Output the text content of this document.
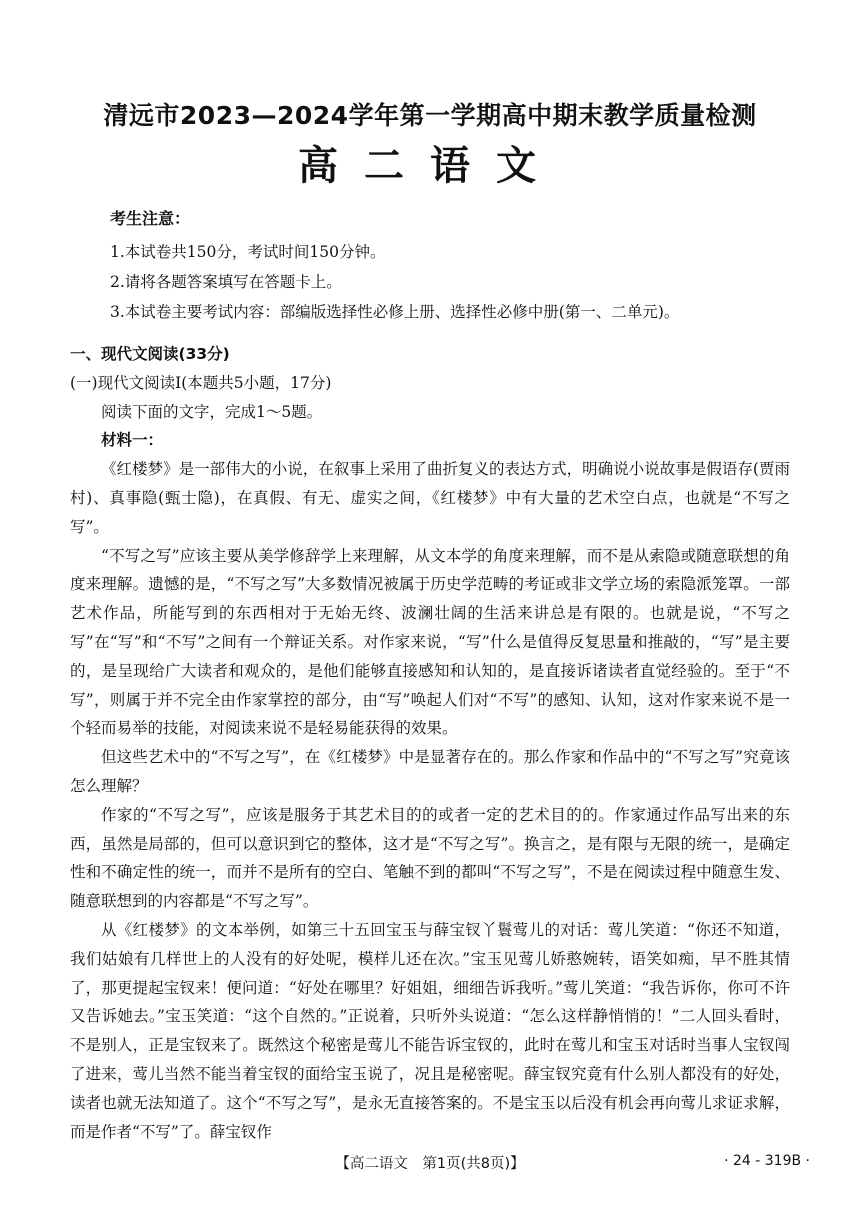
清远市2023—2024学年第一学期高中期末教学质量检测
高二语文
考生注意：
1.本试卷共150分，考试时间150分钟。
2.请将各题答案填写在答题卡上。
3.本试卷主要考试内容：部编版选择性必修上册、选择性必修中册(第一、二单元)。
一、现代文阅读(33分)
(一)现代文阅读Ⅰ(本题共5小题，17分)
阅读下面的文字，完成1～5题。
材料一：

《红楼梦》是一部伟大的小说，在叙事上采用了曲折复义的表达方式，明确说小说故事是假语存(贾雨村)、真事隐(甄士隐)，在真假、有无、虚实之间，《红楼梦》中有大量的艺术空白点，也就是“不写之写”。

“不写之写”应该主要从美学修辞学上来理解，从文本学的角度来理解，而不是从索隐或随意联想的角度来理解。遗憾的是，“不写之写”大多数情况被属于历史学范畴的考证或非文学立场的索隐派笼罩。一部艺术作品，所能写到的东西相对于无始无终、波澜壮阔的生活来讲总是有限的。也就是说，“不写之写”在“写”和“不写”之间有一个辩证关系。对作家来说，“写”什么是值得反复思量和推敲的，“写”是主要的，是呈现给广大读者和观众的，是他们能够直接感知和认知的，是直接诉诸读者直觉经验的。至于“不写”，则属于并不完全由作家掌控的部分，由“写”唤起人们对“不写”的感知、认知，这对作家来说不是一个轻而易举的技能，对阅读来说不是轻易能获得的效果。

但这些艺术中的“不写之写”，在《红楼梦》中是显著存在的。那么作家和作品中的“不写之写”究竟该怎么理解？

作家的“不写之写”，应该是服务于其艺术目的的或者一定的艺术目的的。作家通过作品写出来的东西，虽然是局部的，但可以意识到它的整体，这才是“不写之写”。换言之，是有限与无限的统一，是确定性和不确定性的统一，而并不是所有的空白、笔触不到的都叫“不写之写”，不是在阅读过程中随意生发、随意联想到的内容都是“不写之写”。

从《红楼梦》的文本举例，如第三十五回宝玉与薛宝钗丫鬟莺儿的对话：莺儿笑道：“你还不知道，我们姑娘有几样世上的人没有的好处呢，模样儿还在次。”宝玉见莺儿娇憨婉转，语笑如痴，早不胜其情了，那更提起宝钗来！便问道：“好处在哪里？好姐姐，细细告诉我听。”莺儿笑道：“我告诉你，你可不许又告诉她去。”宝玉笑道：“这个自然的。”正说着，只听外头说道：“怎么这样静悄悄的！”二人回头看时，不是别人，正是宝钗来了。既然这个秘密是莺儿不能告诉宝钗的，此时在莺儿和宝玉对话时当事人宝钗闯了进来，莺儿当然不能当着宝钗的面给宝玉说了，况且是秘密呢。薛宝钗究竟有什么别人都没有的好处，读者也就无法知道了。这个“不写之写”，是永无直接答案的。不是宝玉以后没有机会再向莺儿求证求解，而是作者“不写”了。薛宝钗作

【高二语文　第1页(共8页)】	· 24 - 319B ·
